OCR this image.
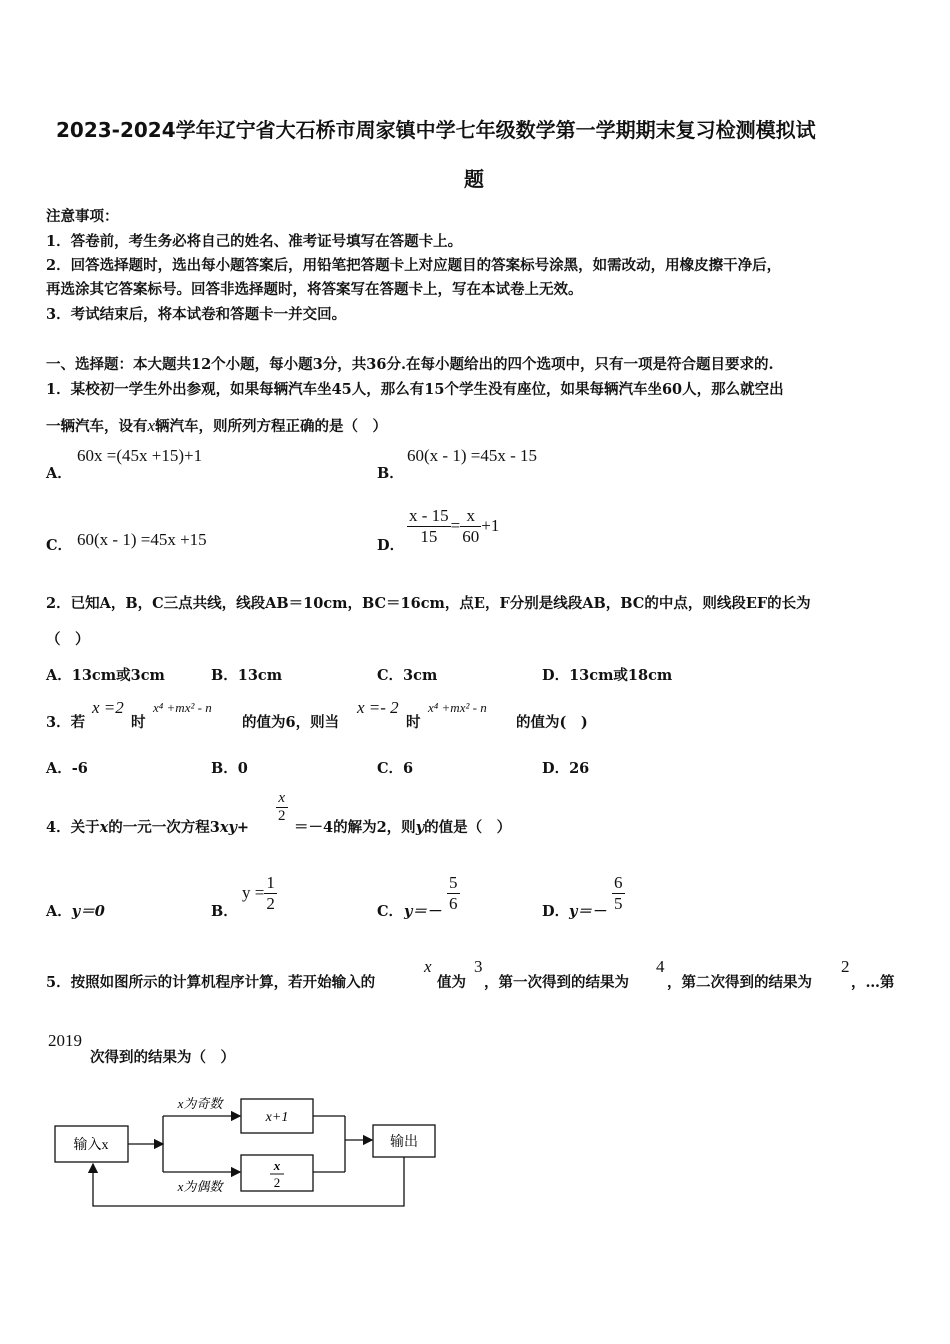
2023-2024学年辽宁省大石桥市周家镇中学七年级数学第一学期期末复习检测模拟试
题
注意事项：
1．答卷前，考生务必将自己的姓名、准考证号填写在答题卡上。
2．回答选择题时，选出每小题答案后，用铅笔把答题卡上对应题目的答案标号涂黑，如需改动，用橡皮擦干净后，
再选涂其它答案标号。回答非选择题时，将答案写在答题卡上，写在本试卷上无效。
3．考试结束后，将本试卷和答题卡一并交回。
一、选择题：本大题共12个小题，每小题3分，共36分.在每小题给出的四个选项中，只有一项是符合题目要求的.
1．某校初一学生外出参观，如果每辆汽车坐45人，那么有15个学生没有座位，如果每辆汽车坐60人，那么就空出
一辆汽车，设有x辆汽车，则所列方程正确的是（　）
A．
60x =(45x +15)+1
B．
60(x - 1) =45x - 15
C． 60(x - 1) =45x +15	D． $\frac{x - 15}{15} = \frac{x}{60} +1$
2．已知A，B，C三点共线，线段AB＝10cm，BC＝16cm，点E，F分别是线段AB，BC的中点，则线段EF的长为
（　）
A．13cm或3cm	B．13cm	C．3cm	D．13cm或18cm
3．若
x =2
时
x⁴ +mx² - n
的值为6，则当
x =- 2
时
x⁴ +mx² - n
的值为(　)
A．-6	B．0	C．6	D．26
4．关于x的一元一次方程3xy+
$\frac{x}{2}$
＝－4的解为2，则y的值是（　）
A．y＝0	B．
$y = \frac{1}{2}$	C． $y=- \frac{5}{6}$	D． $y=- \frac{6}{5}$
5．按照如图所示的计算机程序计算，若开始输入的
x
值为
3
，第一次得到的结果为
4
，第二次得到的结果为
2
，…第
2019
次得到的结果为（　）
输入x
x为奇数
x为偶数
x+1
x
2
输出
